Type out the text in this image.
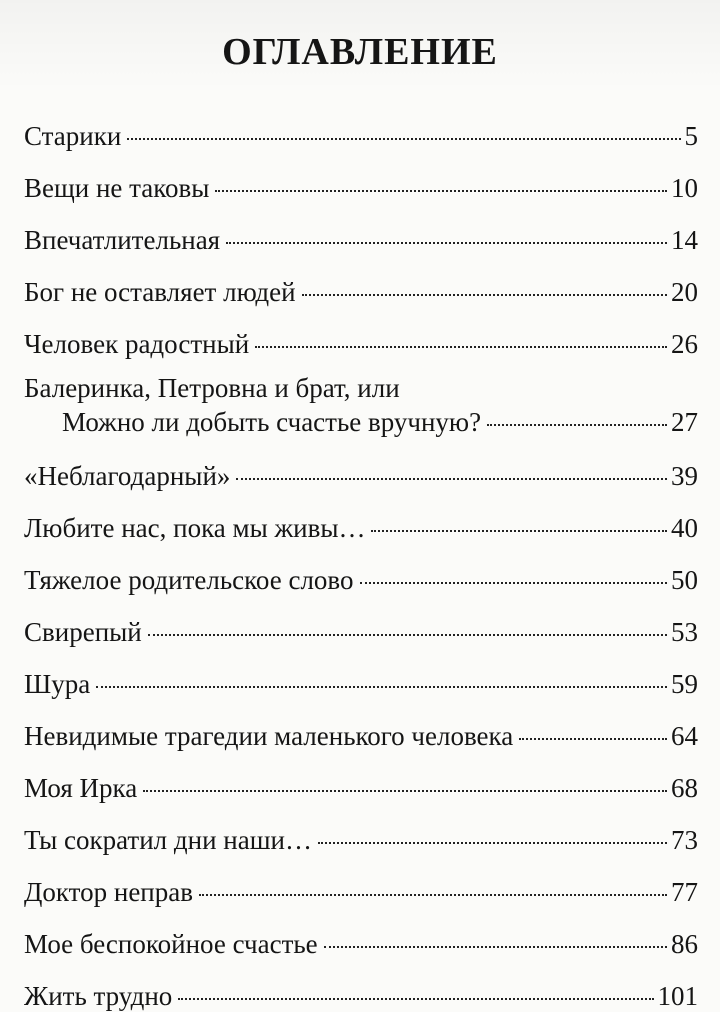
ОГЛАВЛЕНИЕ
Старики	5
Вещи не таковы	10
Впечатлительная	14
Бог не оставляет людей	20
Человек радостный	26
Балеринка, Петровна и брат, или
Можно ли добыть счастье вручную?	27
«Неблагодарный»	39
Любите нас, пока мы живы…	40
Тяжелое родительское слово	50
Свирепый	53
Шура	59
Невидимые трагедии маленького человека	64
Моя Ирка	68
Ты сократил дни наши…	73
Доктор неправ	77
Мое беспокойное счастье	86
Жить трудно	101
